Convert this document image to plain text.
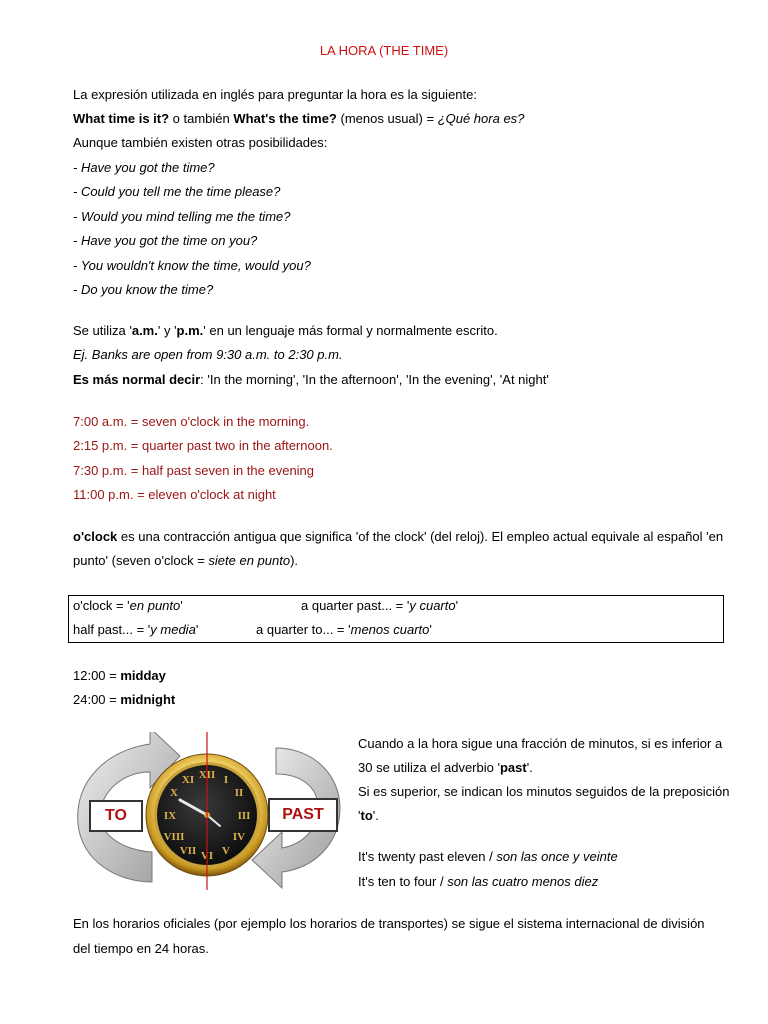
LA HORA (THE TIME)
La expresión utilizada en inglés para preguntar la hora es la siguiente:
What time is it? o también What's the time? (menos usual) = ¿Qué hora es?
Aunque también existen otras posibilidades:
- Have you got the time?
- Could you tell me the time please?
- Would you mind telling me the time?
- Have you got the time on you?
- You wouldn't know the time, would you?
- Do you know the time?
Se utiliza 'a.m.' y 'p.m.' en un lenguaje más formal y normalmente escrito.
Ej. Banks are open from 9:30 a.m. to 2:30 p.m.
Es más normal decir: 'In the morning', 'In the afternoon', 'In the evening', 'At night'
7:00 a.m. = seven o'clock in the morning.
2:15 p.m. = quarter past two in the afternoon.
7:30 p.m. = half past seven in the evening
11:00 p.m. = eleven o'clock at night
o'clock es una contracción antigua que significa 'of the clock' (del reloj). El empleo actual equivale al español 'en
punto' (seven o'clock = siete en punto).
o'clock = 'en punto'	a quarter past... = 'y cuarto'
half past... = 'y media'	a quarter to... = 'menos cuarto'
12:00 = midday
24:00 = midnight
XII I
II
III
IV
V
VI
VII
VIII
IX
X
XI
TO	PAST
Cuando a la hora sigue una fracción de minutos, si es inferior a
30 se utiliza el adverbio 'past'.
Si es superior, se indican los minutos seguidos de la preposición
'to'.
It's twenty past eleven / son las once y veinte
It's ten to four / son las cuatro menos diez
En los horarios oficiales (por ejemplo los horarios de transportes) se sigue el sistema internacional de división
del tiempo en 24 horas.
